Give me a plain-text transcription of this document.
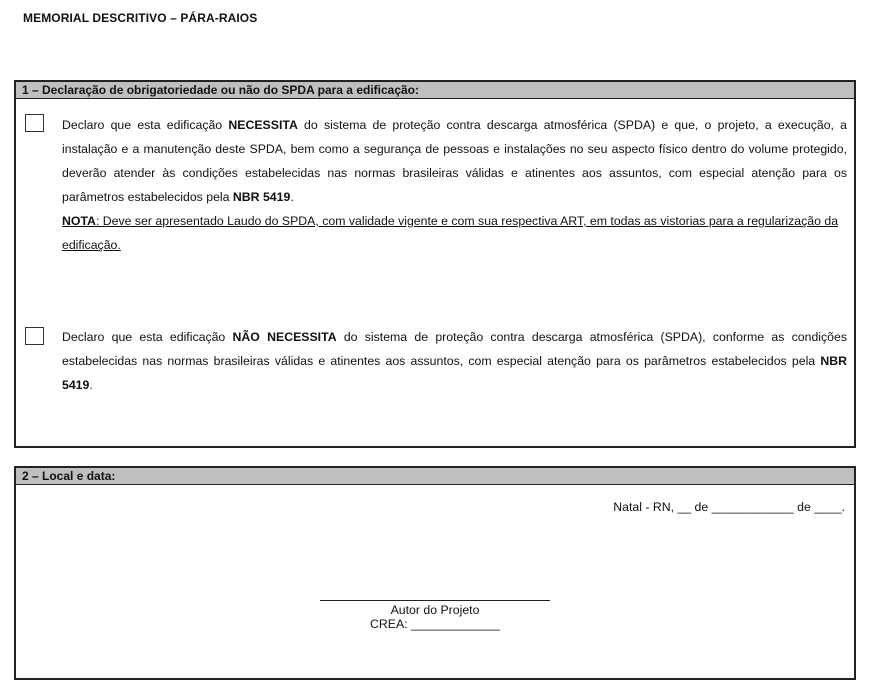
MEMORIAL DESCRITIVO – PÁRA-RAIOS
1 – Declaração de obrigatoriedade ou não do SPDA para a edificação:
Declaro que esta edificação NECESSITA do sistema de proteção contra descarga atmosférica (SPDA) e que, o projeto, a execução, a instalação e a manutenção deste SPDA, bem como a segurança de pessoas e instalações no seu aspecto físico dentro do volume protegido, deverão atender às condições estabelecidas nas normas brasileiras válidas e atinentes aos assuntos, com especial atenção para os parâmetros estabelecidos pela NBR 5419.
NOTA: Deve ser apresentado Laudo do SPDA, com validade vigente e com sua respectiva ART, em todas as vistorias para a regularização da edificação.
Declaro que esta edificação NÃO NECESSITA do sistema de proteção contra descarga atmosférica (SPDA), conforme as condições estabelecidas nas normas brasileiras válidas e atinentes aos assuntos, com especial atenção para os parâmetros estabelecidos pela NBR 5419.
2 – Local e data:
Natal - RN, __ de ____________ de ____.
Autor do Projeto
CREA: _____________
